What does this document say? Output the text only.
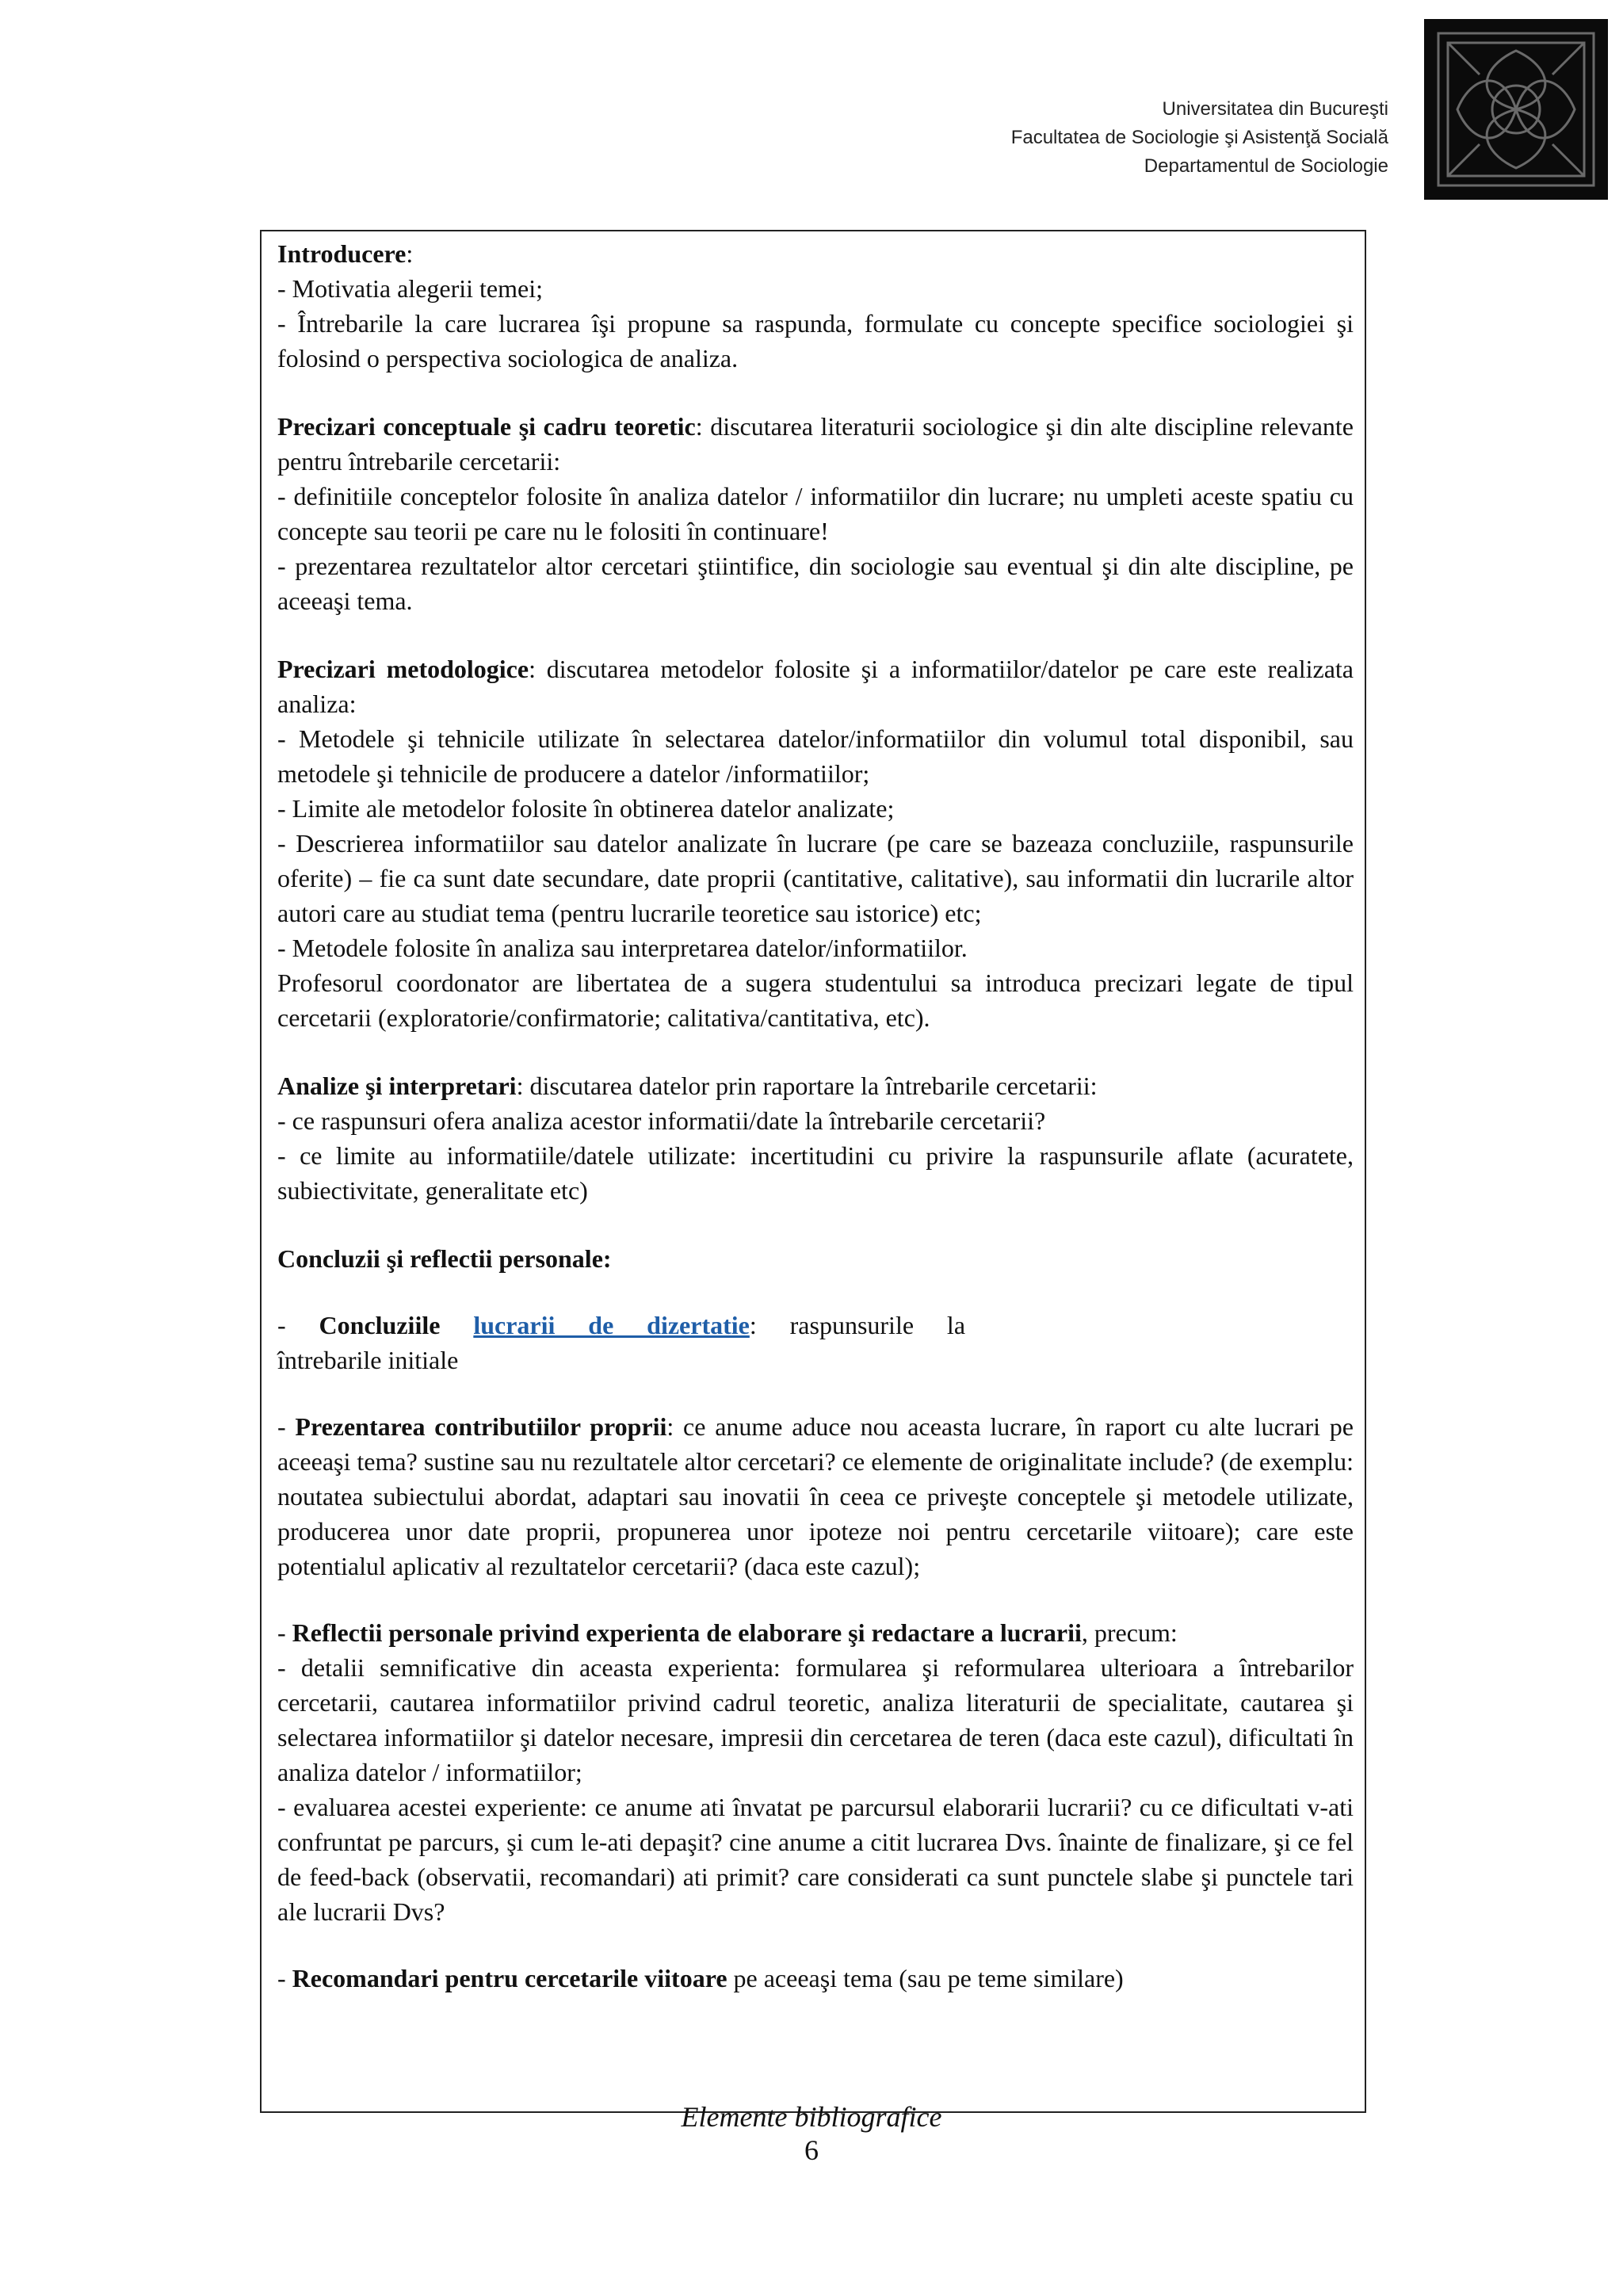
Universitatea din Bucureşti
Facultatea de Sociologie şi Asistenţă Socială
Departamentul de Sociologie

Introducere:

- Motivatia alegerii temei;

- Întrebarile la care lucrarea îşi propune sa raspunda, formulate cu concepte specifice sociologiei şi folosind o perspectiva sociologica de analiza.

Precizari conceptuale şi cadru teoretic: discutarea literaturii sociologice şi din alte discipline relevante pentru întrebarile cercetarii:

- definitiile conceptelor folosite în analiza datelor / informatiilor din lucrare; nu umpleti aceste spatiu cu concepte sau teorii pe care nu le folositi în continuare!

- prezentarea rezultatelor altor cercetari ştiintifice, din sociologie sau eventual şi din alte discipline, pe aceeaşi tema.

Precizari metodologice: discutarea metodelor folosite şi a informatiilor/datelor pe care este realizata analiza:

- Metodele şi tehnicile utilizate în selectarea datelor/informatiilor din volumul total disponibil, sau metodele şi tehnicile de producere a datelor /informatiilor;

- Limite ale metodelor folosite în obtinerea datelor analizate;

- Descrierea informatiilor sau datelor analizate în lucrare (pe care se bazeaza concluziile, raspunsurile oferite) – fie ca sunt date secundare, date proprii (cantitative, calitative), sau informatii din lucrarile altor autori care au studiat tema (pentru lucrarile teoretice sau istorice) etc;

- Metodele folosite în analiza sau interpretarea datelor/informatiilor.

Profesorul coordonator are libertatea de a sugera studentului sa introduca precizari legate de tipul cercetarii (exploratorie/confirmatorie; calitativa/cantitativa, etc).

Analize şi interpretari: discutarea datelor prin raportare la întrebarile cercetarii:

- ce raspunsuri ofera analiza acestor informatii/date la întrebarile cercetarii?

- ce limite au informatiile/datele utilizate: incertitudini cu privire la raspunsurile aflate (acuratete, subiectivitate, generalitate etc)

Concluzii şi reflectii personale:

- Concluziile lucrarii de dizertatie: raspunsurile la

întrebarile initiale

- Prezentarea contributiilor proprii: ce anume aduce nou aceasta lucrare, în raport cu alte lucrari pe aceeaşi tema? sustine sau nu rezultatele altor cercetari? ce elemente de originalitate include? (de exemplu: noutatea subiectului abordat, adaptari sau inovatii în ceea ce priveşte conceptele şi metodele utilizate, producerea unor date proprii, propunerea unor ipoteze noi pentru cercetarile viitoare); care este potentialul aplicativ al rezultatelor cercetarii? (daca este cazul);

- Reflectii personale privind experienta de elaborare şi redactare a lucrarii, precum:

- detalii semnificative din aceasta experienta: formularea şi reformularea ulterioara a întrebarilor cercetarii, cautarea informatiilor privind cadrul teoretic, analiza literaturii de specialitate, cautarea şi selectarea informatiilor şi datelor necesare, impresii din cercetarea de teren (daca este cazul), dificultati în analiza datelor / informatiilor;

- evaluarea acestei experiente: ce anume ati învatat pe parcursul elaborarii lucrarii? cu ce dificultati v-ati confruntat pe parcurs, şi cum le-ati depaşit? cine anume a citit lucrarea Dvs. înainte de finalizare, şi ce fel de feed-back (observatii, recomandari) ati primit? care considerati ca sunt punctele slabe şi punctele tari ale lucrarii Dvs?

- Recomandari pentru cercetarile viitoare pe aceeaşi tema (sau pe teme similare)

Elemente bibliografice
6
